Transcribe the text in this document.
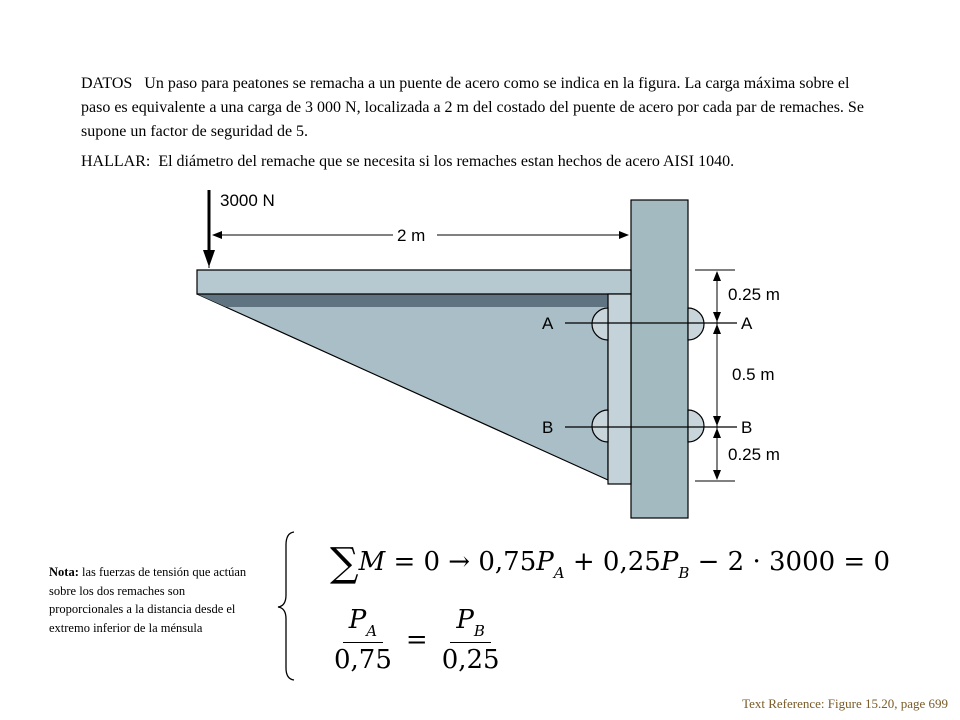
DATOS Un paso para peatones se remacha a un puente de acero como se indica en la figura. La carga máxima sobre el paso es equivalente a una carga de 3 000 N, localizada a 2 m del costado del puente de acero por cada par de remaches. Se supone un factor de seguridad de 5.
HALLAR: El diámetro del remache que se necesita si los remaches estan hechos de acero AISI 1040.
3000 N
2 m
0.25 m
0.5 m
0.25 m
A	A
B	B
Nota: las fuerzas de tensión que actúan sobre los dos remaches son proporcionales a la distancia desde el extremo inferior de la ménsula
$\sum M = 0 \to 0,75P_A + 0,25P_B - 2 \cdot 3000 = 0$
$\frac{P_A}{0,75} = \frac{P_B}{0,25}$
Text Reference: Figure 15.20, page 699
